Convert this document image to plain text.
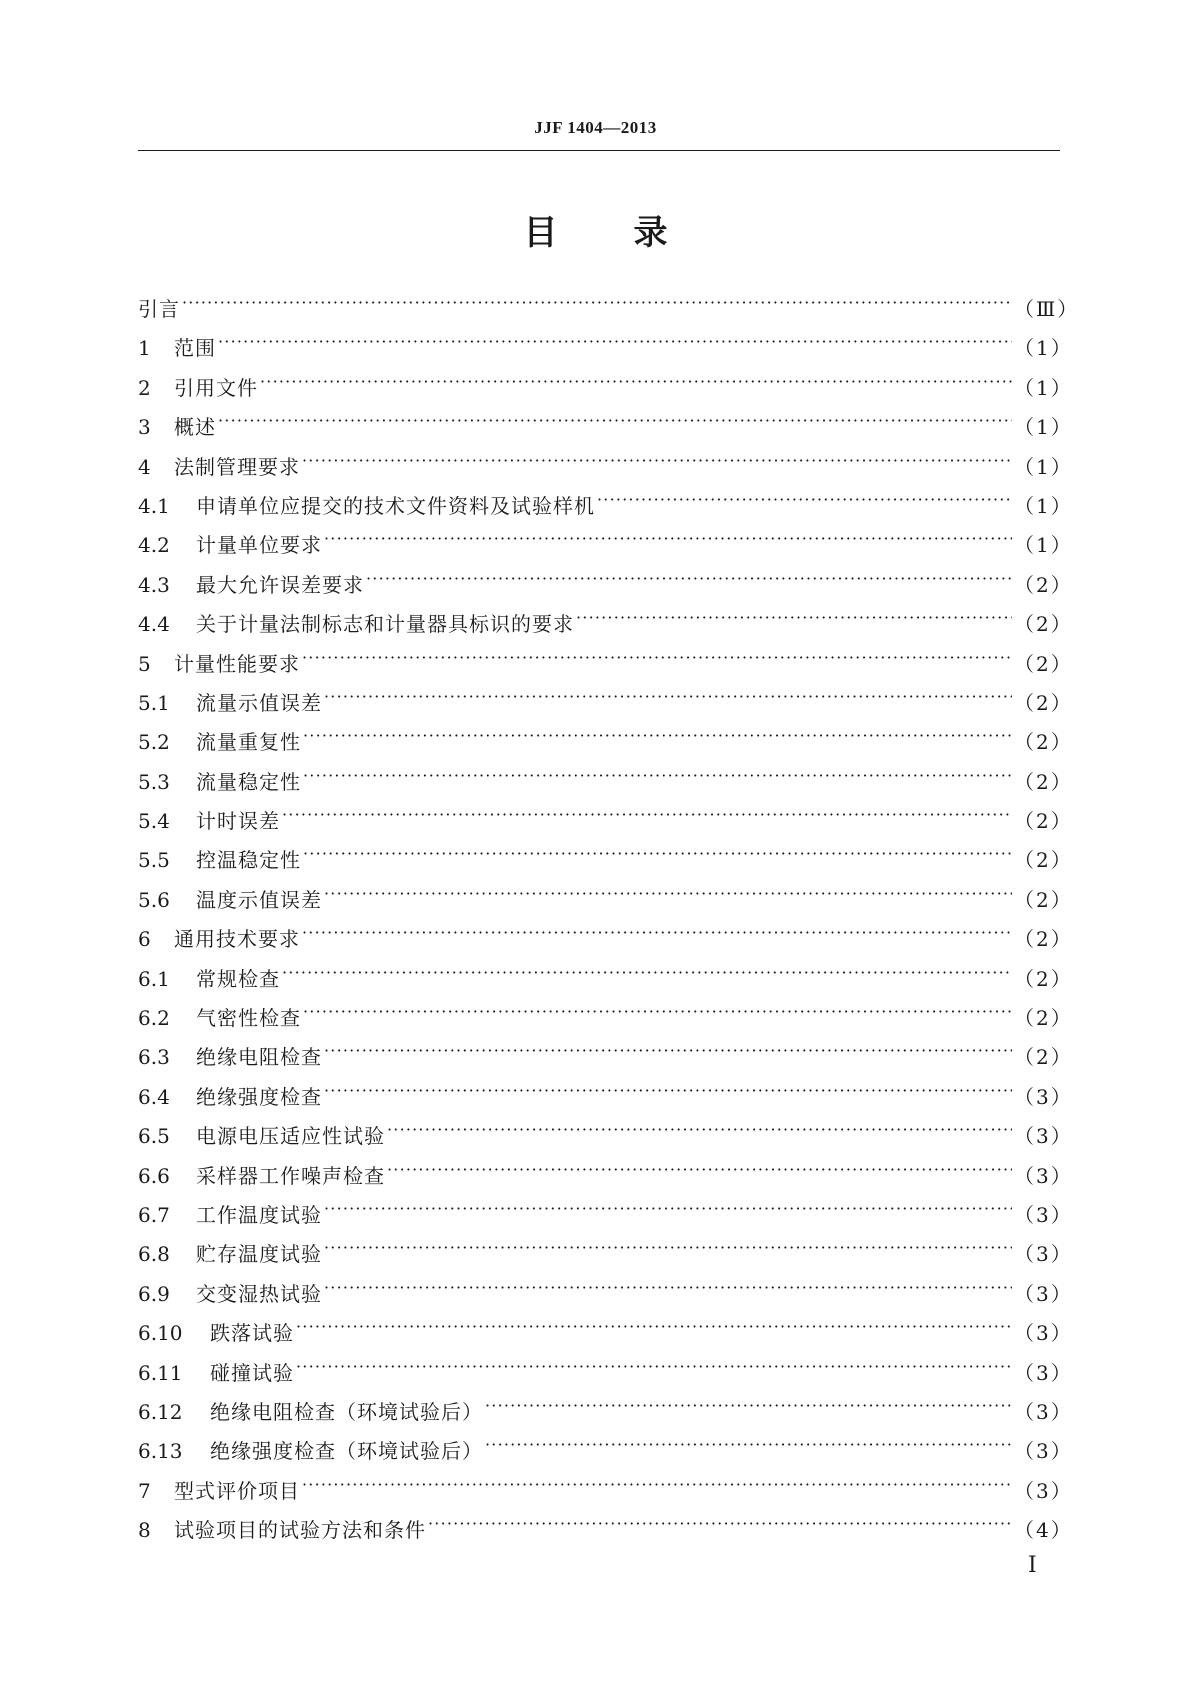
JJF 1404—2013
目 录
引言 ·····	（Ⅲ）
1	范围 ·····	（1）
2	引用文件 ·····	（1）
3	概述 ·····	（1）
4	法制管理要求 ·····	（1）
4.1	申请单位应提交的技术文件资料及试验样机 ·····	（1）
4.2	计量单位要求 ·····	（1）
4.3	最大允许误差要求 ·····	（2）
4.4	关于计量法制标志和计量器具标识的要求 ·····	（2）
5	计量性能要求 ·····	（2）
5.1	流量示值误差 ·····	（2）
5.2	流量重复性 ·····	（2）
5.3	流量稳定性 ·····	（2）
5.4	计时误差 ·····	（2）
5.5	控温稳定性 ·····	（2）
5.6	温度示值误差 ·····	（2）
6	通用技术要求 ·····	（2）
6.1	常规检查 ·····	（2）
6.2	气密性检查 ·····	（2）
6.3	绝缘电阻检查 ·····	（2）
6.4	绝缘强度检查 ·····	（3）
6.5	电源电压适应性试验 ·····	（3）
6.6	采样器工作噪声检查 ·····	（3）
6.7	工作温度试验 ·····	（3）
6.8	贮存温度试验 ·····	（3）
6.9	交变湿热试验 ·····	（3）
6.10	跌落试验 ·····	（3）
6.11	碰撞试验 ·····	（3）
6.12	绝缘电阻检查（环境试验后） ·····	（3）
6.13	绝缘强度检查（环境试验后） ·····	（3）
7	型式评价项目 ·····	（3）
8	试验项目的试验方法和条件 ·····	（4）
Ⅰ
